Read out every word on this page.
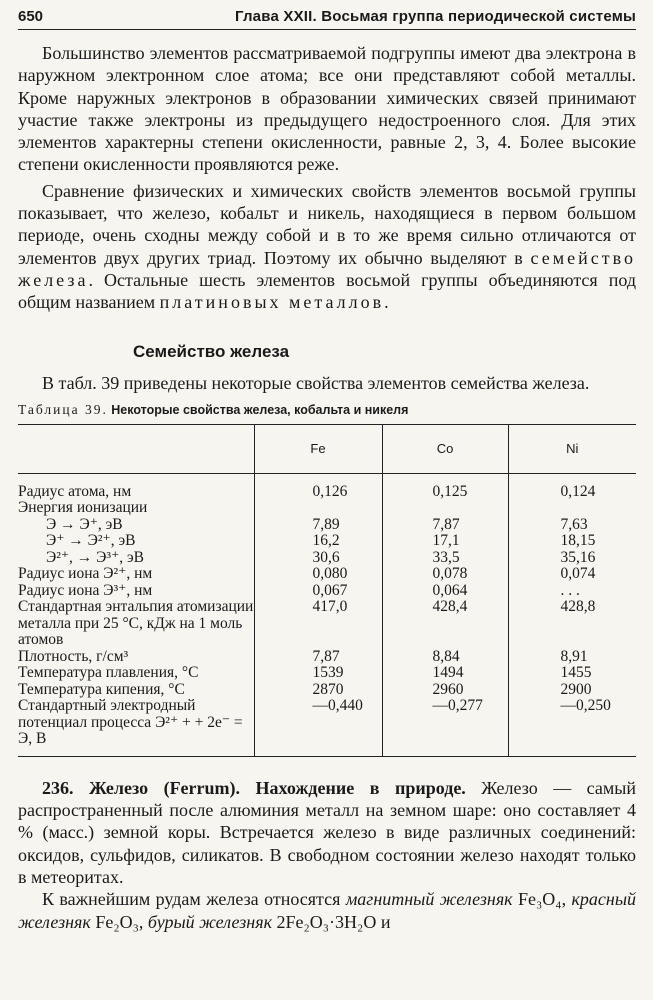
650	Глава XXII. Восьмая группа периодической системы

Большинство элементов рассматриваемой подгруппы имеют два электрона в наружном электронном слое атома; все они представляют собой металлы. Кроме наружных электронов в образовании химических связей принимают участие также электроны из предыдущего недостроенного слоя. Для этих элементов характерны степени окисленности, равные 2, 3, 4. Более высокие степени окисленности проявляются реже.

Сравнение физических и химических свойств элементов восьмой группы показывает, что железо, кобальт и никель, находящиеся в первом большом периоде, очень сходны между собой и в то же время сильно отличаются от элементов двух других триад. Поэтому их обычно выделяют в семейство железа. Остальные шесть элементов восьмой группы объединяются под общим названием платиновых металлов.

Семейство железа

В табл. 39 приведены некоторые свойства элементов семейства железа.

Таблица 39. Некоторые свойства железа, кобальта и никеля
	Fe	Co	Ni
Радиус атома, нм	0,126	0,125	0,124
Энергия ионизации			
Э → Э⁺, эВ	7,89	7,87	7,63
Э⁺ → Э²⁺, эВ	16,2	17,1	18,15
Э²⁺, → Э³⁺, эВ	30,6	33,5	35,16
Радиус иона Э²⁺, нм	0,080	0,078	0,074
Радиус иона Э³⁺, нм	0,067	0,064	. . .
Стандартная энтальпия атомизации металла при 25 °С, кДж на 1 моль атомов	417,0	428,4	428,8
Плотность, г/см³	7,87	8,84	8,91
Температура плавления, °С	1539	1494	1455
Температура кипения, °С	2870	2960	2900
Стандартный электродный потенциал процесса Э²⁺ + + 2e⁻ = Э, В	—0,440	—0,277	—0,250

236. Железо (Ferrum). Нахождение в природе. Железо — самый распространенный после алюминия металл на земном шаре: оно составляет 4 % (масс.) земной коры. Встречается железо в виде различных соединений: оксидов, сульфидов, силикатов. В свободном состоянии железо находят только в метеоритах.

К важнейшим рудам железа относятся магнитный железняк Fe₃O₄, красный железняк Fe₂O₃, бурый железняк 2Fe₂O₃·3H₂O и
